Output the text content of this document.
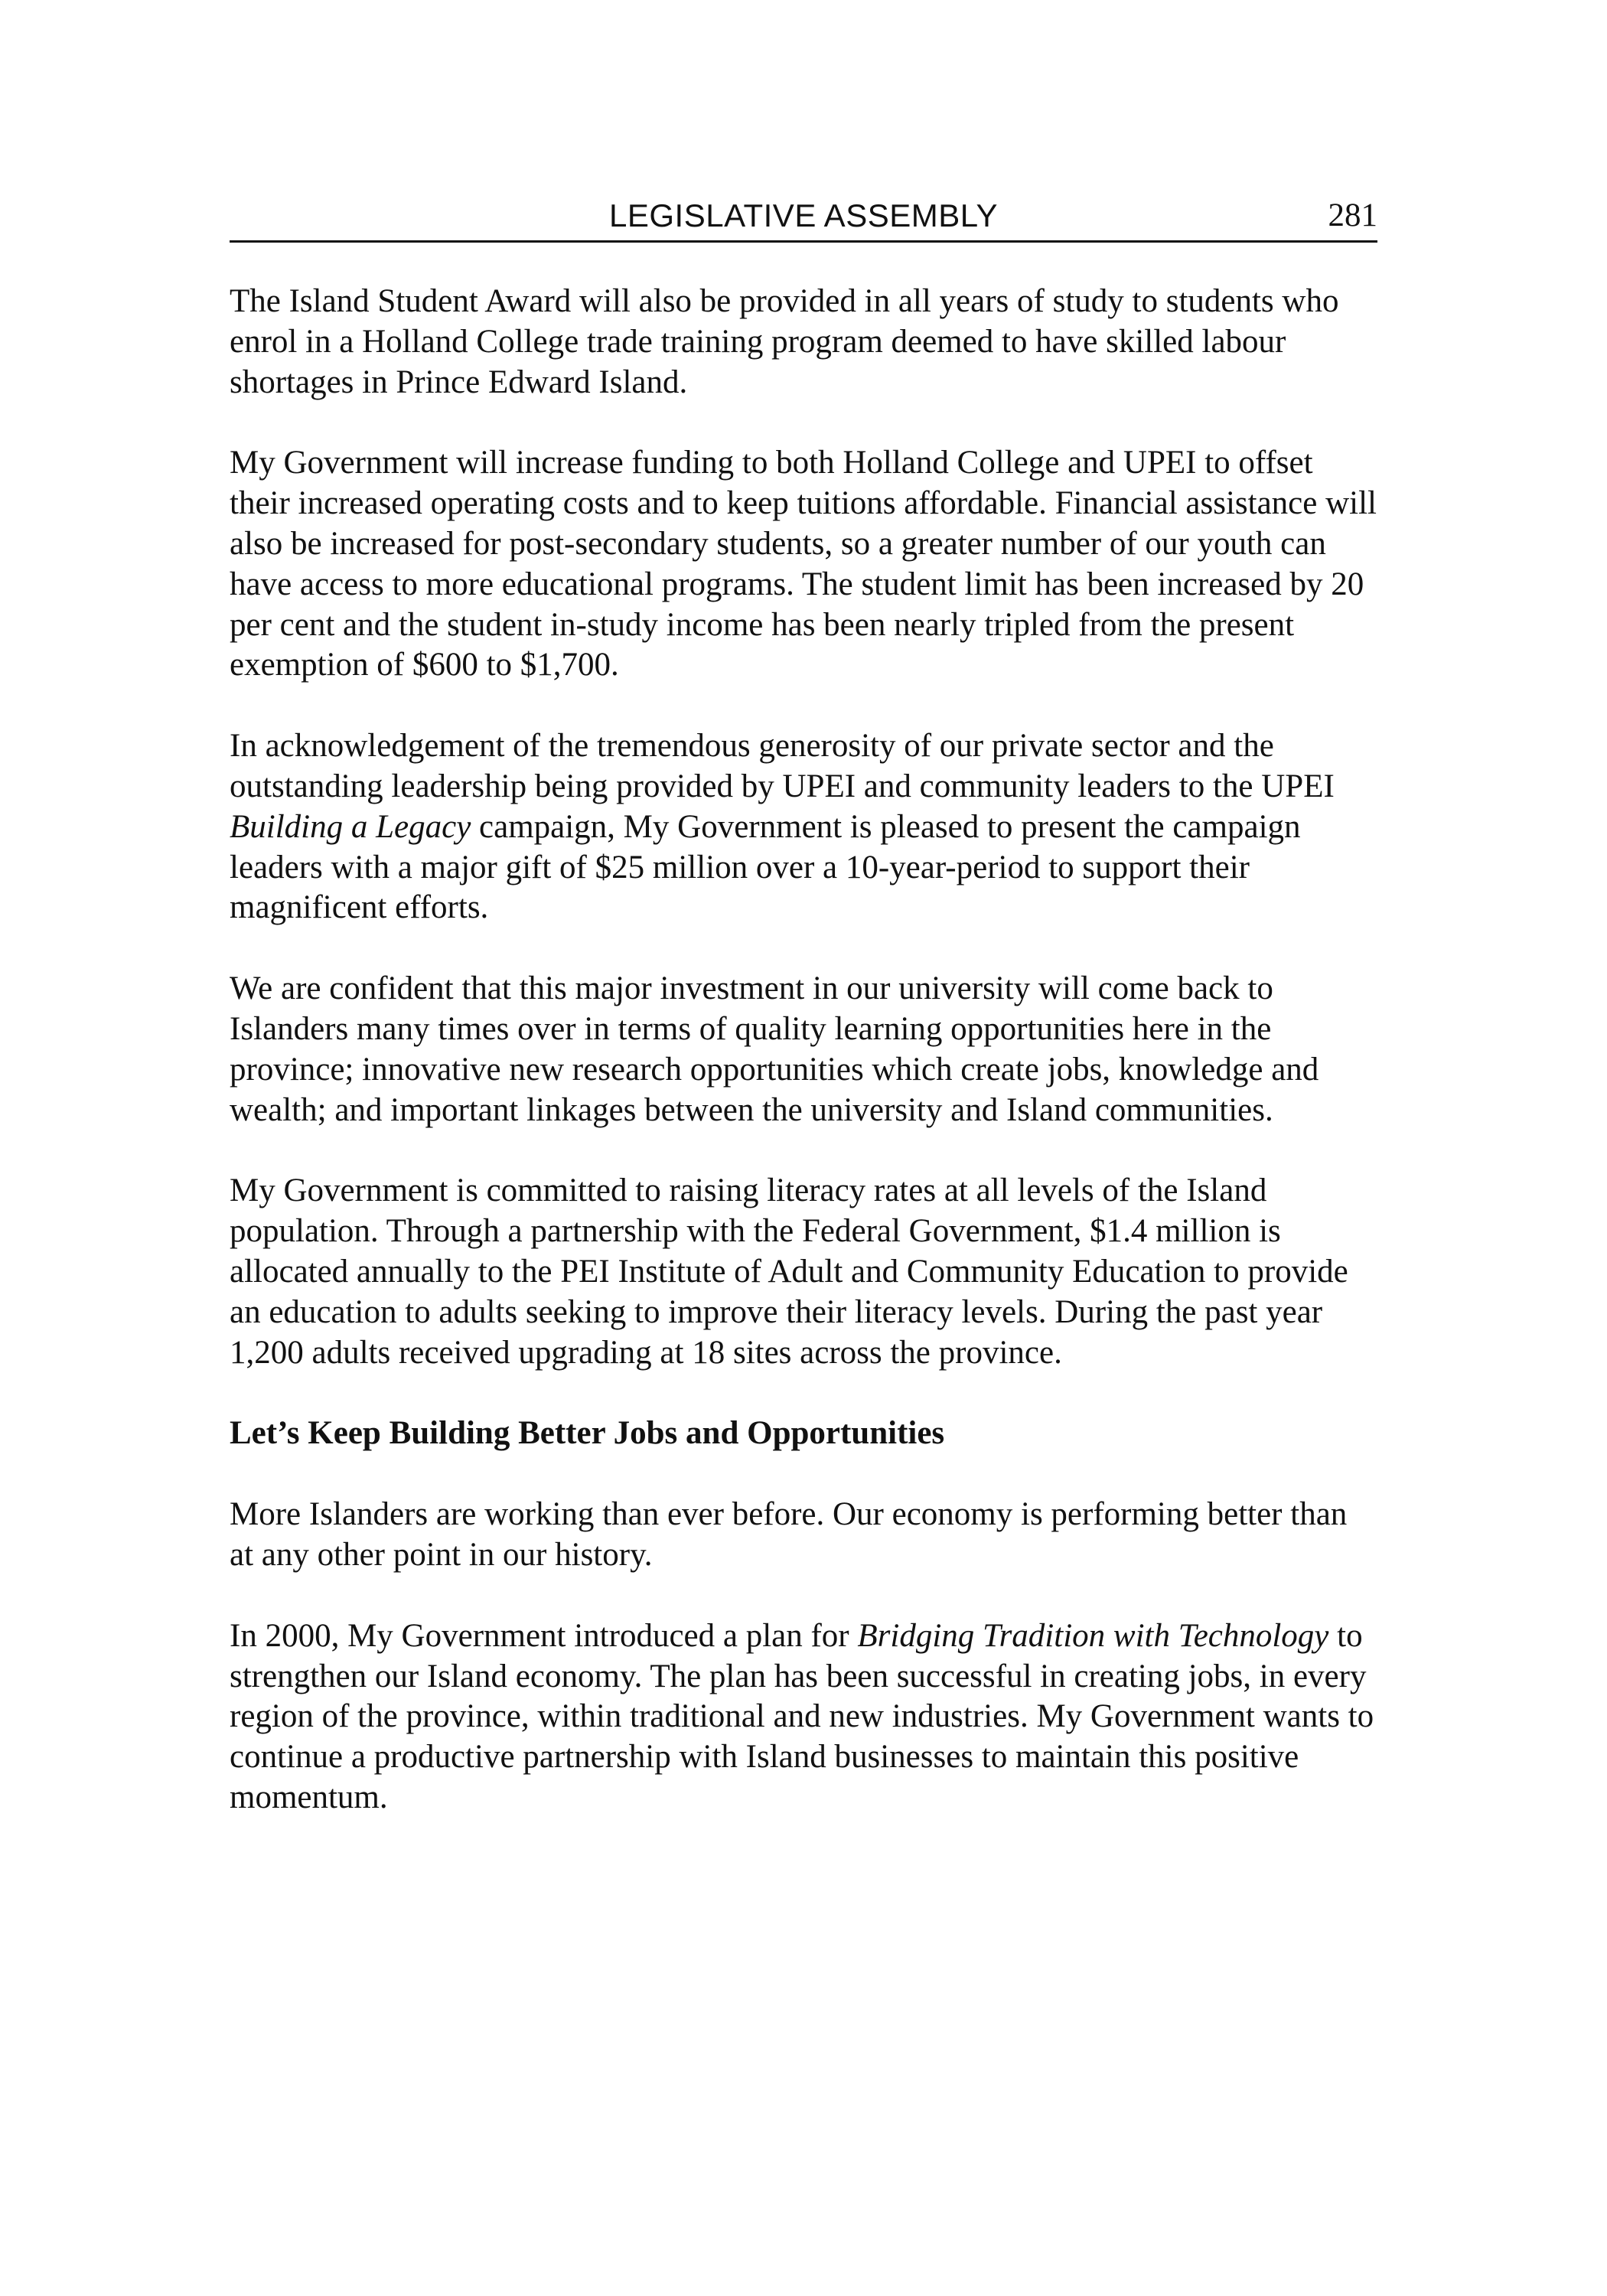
LEGISLATIVE ASSEMBLY	281

The Island Student Award will also be provided in all years of study to students who enrol in a Holland College trade training program deemed to have skilled labour shortages in Prince Edward Island.

My Government will increase funding to both Holland College and UPEI to offset their increased operating costs and to keep tuitions affordable. Financial assistance will also be increased for post-secondary students, so a greater number of our youth can have access to more educational programs. The student limit has been increased by 20 per cent and the student in-study income has been nearly tripled from the present exemption of $600 to $1,700.

In acknowledgement of the tremendous generosity of our private sector and the outstanding leadership being provided by UPEI and community leaders to the UPEI Building a Legacy campaign, My Government is pleased to present the campaign leaders with a major gift of $25 million over a 10-year-period to support their magnificent efforts.

We are confident that this major investment in our university will come back to Islanders many times over in terms of quality learning opportunities here in the province; innovative new research opportunities which create jobs, knowledge and wealth; and important linkages between the university and Island communities.

My Government is committed to raising literacy rates at all levels of the Island population. Through a partnership with the Federal Government, $1.4 million is allocated annually to the PEI Institute of Adult and Community Education to provide an education to adults seeking to improve their literacy levels. During the past year 1,200 adults received upgrading at 18 sites across the province.

Let’s Keep Building Better Jobs and Opportunities

More Islanders are working than ever before. Our economy is performing better than at any other point in our history.

In 2000, My Government introduced a plan for Bridging Tradition with Technology to strengthen our Island economy. The plan has been successful in creating jobs, in every region of the province, within traditional and new industries. My Government wants to continue a productive partnership with Island businesses to maintain this positive momentum.
